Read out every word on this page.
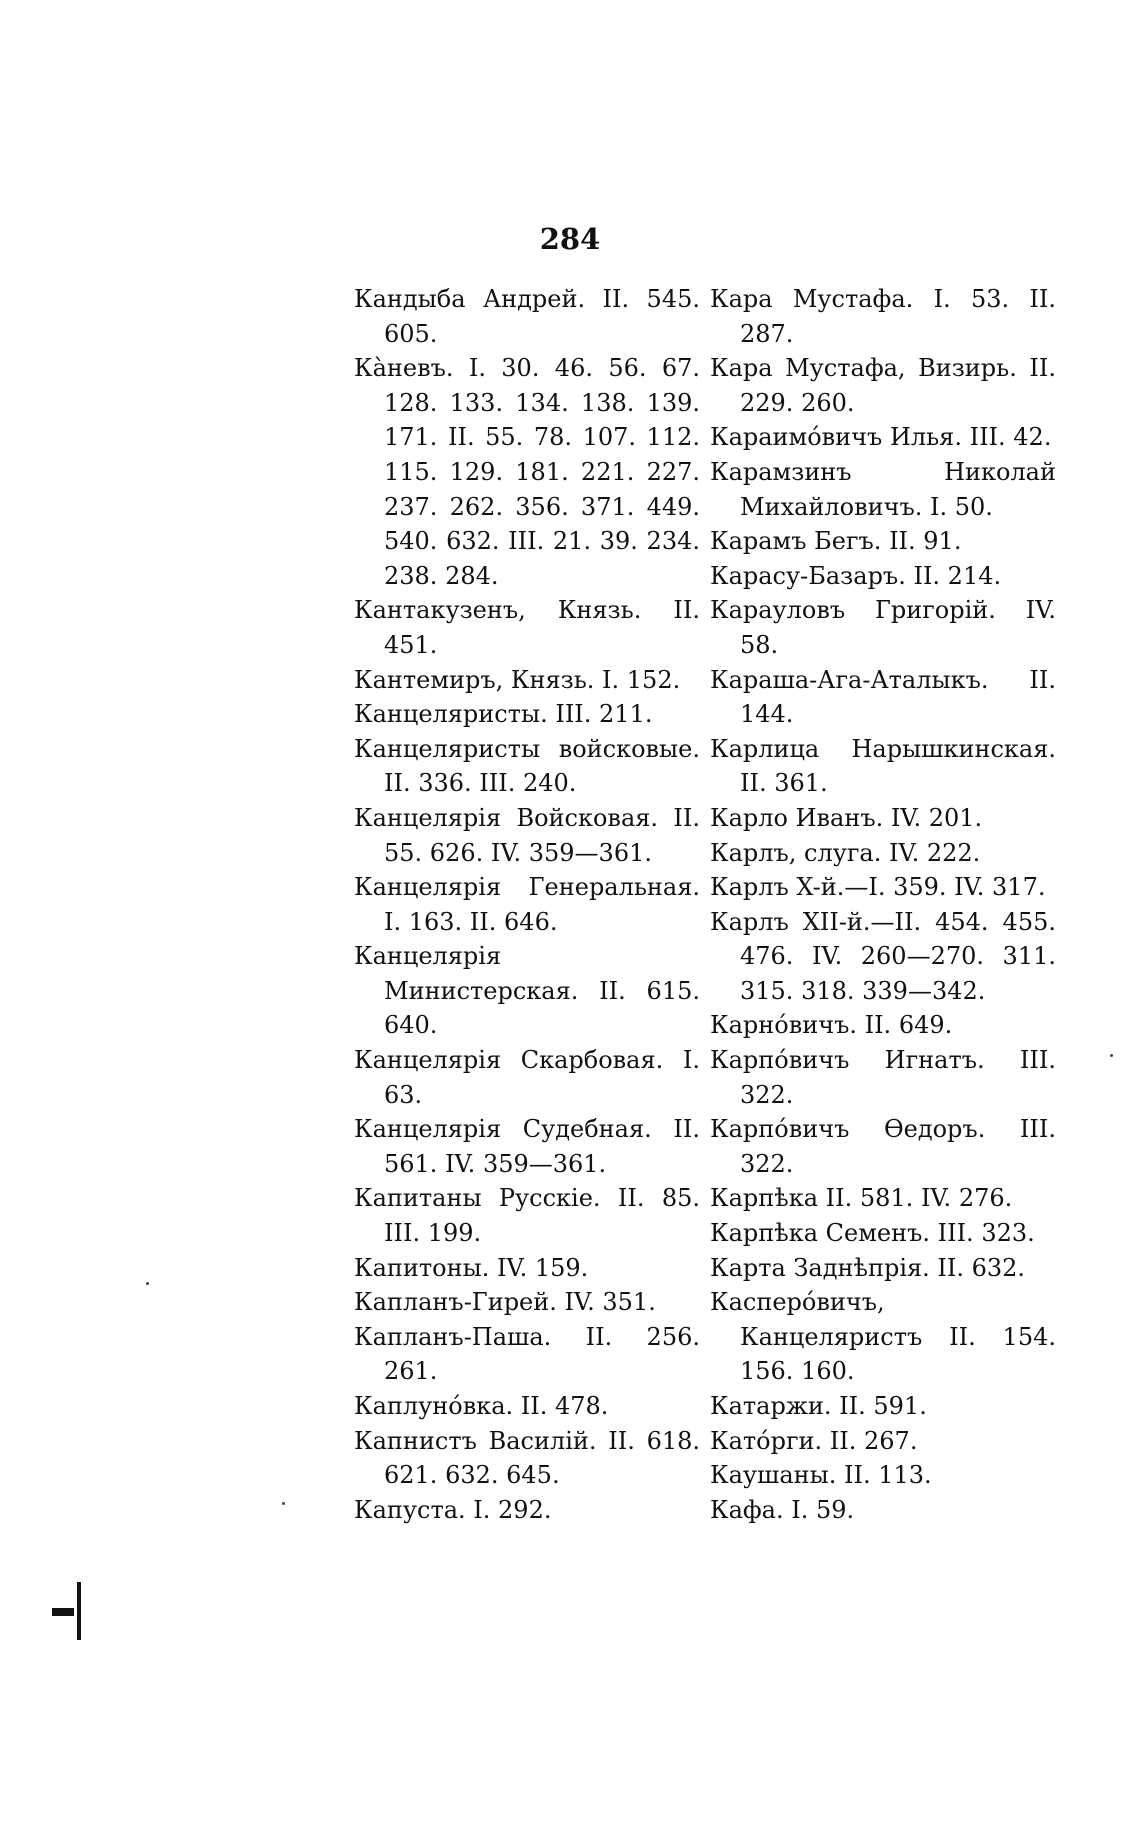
284
Кандыба Андрей. II. 545. 605.
Кàневъ. I. 30. 46. 56. 67. 128. 133. 134. 138. 139. 171. II. 55. 78. 107. 112. 115. 129. 181. 221. 227. 237. 262. 356. 371. 449. 540. 632. III. 21. 39. 234. 238. 284.
Кантакузенъ, Князь. II. 451.
Кантемиръ, Князь. I. 152.
Канцеляристы. III. 211.
Канцеляристы войсковые. II. 336. III. 240.
Канцелярія Войсковая. II. 55. 626. IV. 359—361.
Канцелярія Генеральная. I. 163. II. 646.
Канцелярія Министерская. II. 615. 640.
Канцелярія Скарбовая. I. 63.
Канцелярія Судебная. II. 561. IV. 359—361.
Капитаны Русскіе. II. 85. III. 199.
Капитоны. IV. 159.
Капланъ-Гирей. IV. 351.
Капланъ-Паша. II. 256. 261.
Каплуно́вка. II. 478.
Капнистъ Василій. II. 618. 621. 632. 645.
Капуста. I. 292.
Кара Мустафа. I. 53. II. 287.
Кара Мустафа, Визирь. II. 229. 260.
Караимо́вичъ Илья. III. 42.
Карамзинъ Николай Михайловичъ. I. 50.
Карамъ Бегъ. II. 91.
Карасу-Базаръ. II. 214.
Карауловъ Григорій. IV. 58.
Караша-Ага-Аталыкъ. II. 144.
Карлица Нарышкинская. II. 361.
Карло Иванъ. IV. 201.
Карлъ, слуга. IV. 222.
Карлъ X-й.—I. 359. IV. 317.
Карлъ XII-й.—II. 454. 455. 476. IV. 260—270. 311. 315. 318. 339—342.
Карно́вичъ. II. 649.
Карпо́вичъ Игнатъ. III. 322.
Карпо́вичъ Өедоръ. III. 322.
Карпѣка II. 581. IV. 276.
Карпѣка Семенъ. III. 323.
Карта Заднѣпрія. II. 632.
Касперо́вичъ, Канцеляристъ II. 154. 156. 160.
Катаржи. II. 591.
Като́рги. II. 267.
Каушаны. II. 113.
Кафа. I. 59.
